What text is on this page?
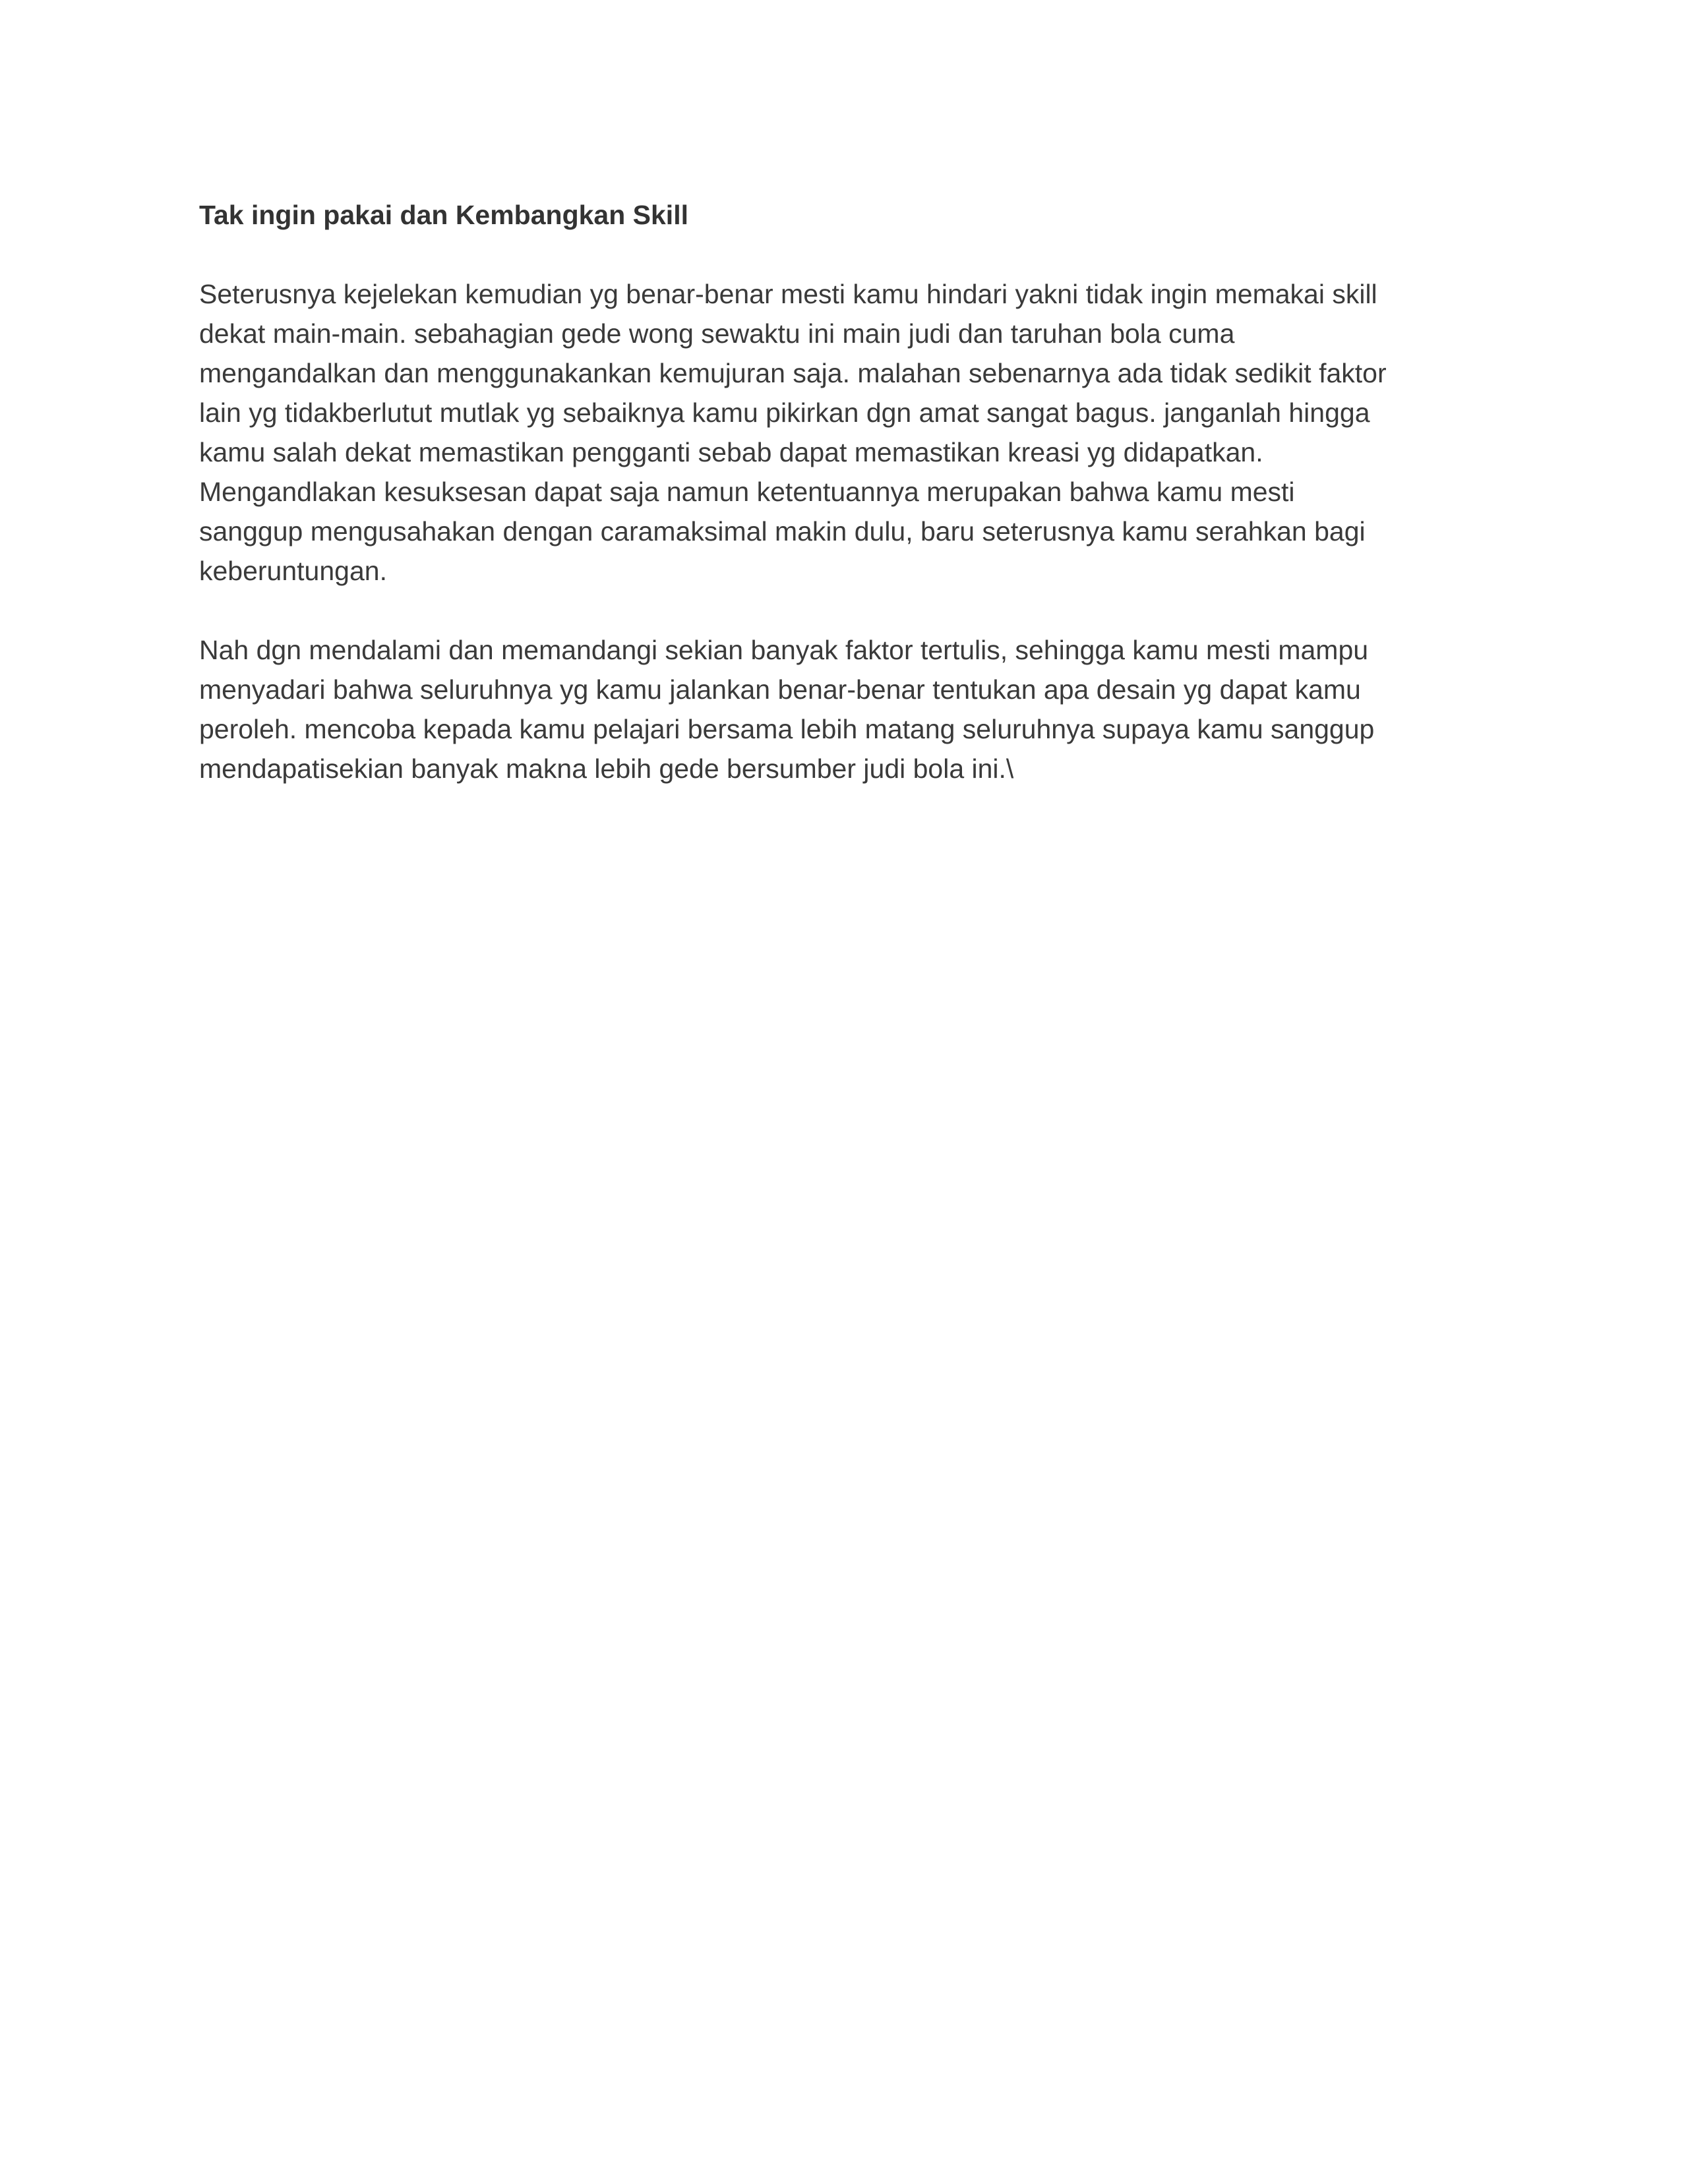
Tak ingin pakai dan Kembangkan Skill

Seterusnya kejelekan kemudian yg benar-benar mesti kamu hindari yakni tidak ingin memakai skill
dekat main-main. sebahagian gede wong sewaktu ini main judi dan taruhan bola cuma
mengandalkan dan menggunakankan kemujuran saja. malahan sebenarnya ada tidak sedikit faktor
lain yg tidakberlutut mutlak yg sebaiknya kamu pikirkan dgn amat sangat bagus. janganlah hingga
kamu salah dekat memastikan pengganti sebab dapat memastikan kreasi yg didapatkan.
Mengandlakan kesuksesan dapat saja namun ketentuannya merupakan bahwa kamu mesti
sanggup mengusahakan dengan caramaksimal makin dulu, baru seterusnya kamu serahkan bagi
keberuntungan.

Nah dgn mendalami dan memandangi sekian banyak faktor tertulis, sehingga kamu mesti mampu
menyadari bahwa seluruhnya yg kamu jalankan benar-benar tentukan apa desain yg dapat kamu
peroleh. mencoba kepada kamu pelajari bersama lebih matang seluruhnya supaya kamu sanggup
mendapatisekian banyak makna lebih gede bersumber judi bola ini.\
